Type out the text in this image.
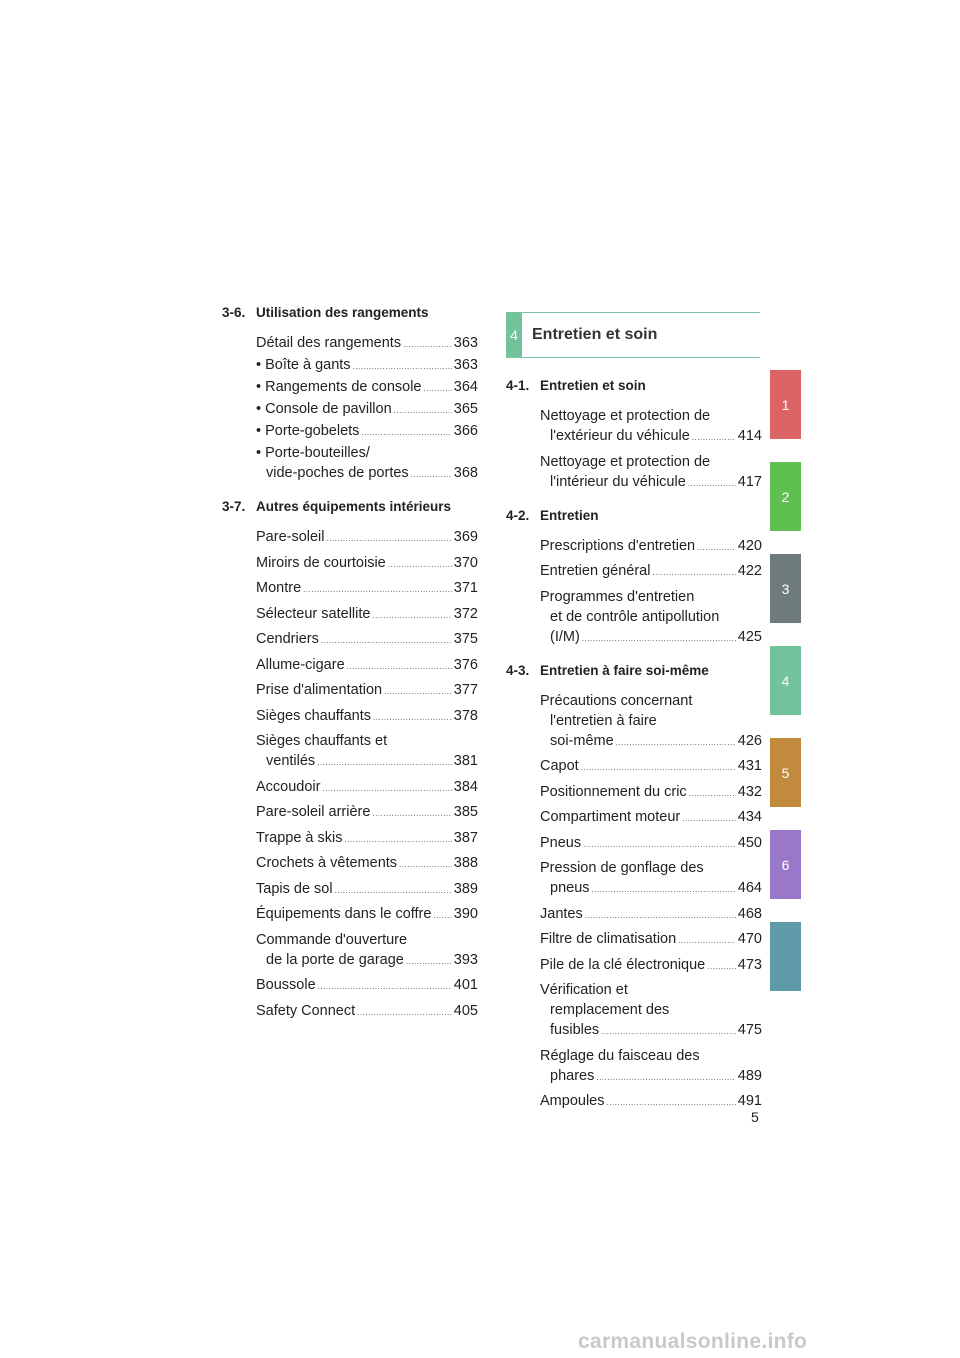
3-6. Utilisation des rangements
Détail des rangements .....	363
• Boîte à gants .....	363
• Rangements de console ..... 364
• Console de pavillon .....	365
• Porte-gobelets .....	366
• Porte-bouteilles/
vide-poches de portes .....	368
3-7. Autres équipements intérieurs
Pare-soleil .....	369
Miroirs de courtoisie .....	370
Montre .....	371
Sélecteur satellite .....	372
Cendriers .....	375
Allume-cigare .....	376
Prise d'alimentation .....	377
Sièges chauffants .....	378
Sièges chauffants et
ventilés .....	381
Accoudoir .....	384
Pare-soleil arrière .....	385
Trappe à skis .....	387
Crochets à vêtements .....	388
Tapis de sol .....	389
Équipements dans le coffre ..... 390
Commande d'ouverture
de la porte de garage .....	393
Boussole .....	401
Safety Connect .....	405
4 Entretien et soin
4-1. Entretien et soin
Nettoyage et protection de
l'extérieur du véhicule .....	414
Nettoyage et protection de
l'intérieur du véhicule .....	417
4-2. Entretien
Prescriptions d'entretien .....	420
Entretien général .....	422
Programmes d'entretien
et de contrôle antipollution
(I/M) .....	425
4-3. Entretien à faire soi-même
Précautions concernant
l'entretien à faire
soi-même .....	426
Capot .....	431
Positionnement du cric .....	432
Compartiment moteur .....	434
Pneus .....	450
Pression de gonflage des
pneus .....	464
Jantes .....	468
Filtre de climatisation .....	470
Pile de la clé électronique ..... 473
Vérification et
remplacement des
fusibles .....	475
Réglage du faisceau des
phares .....	489
Ampoules .....	491
1
2
3
4
5
6
5
carmanualsonline.info
